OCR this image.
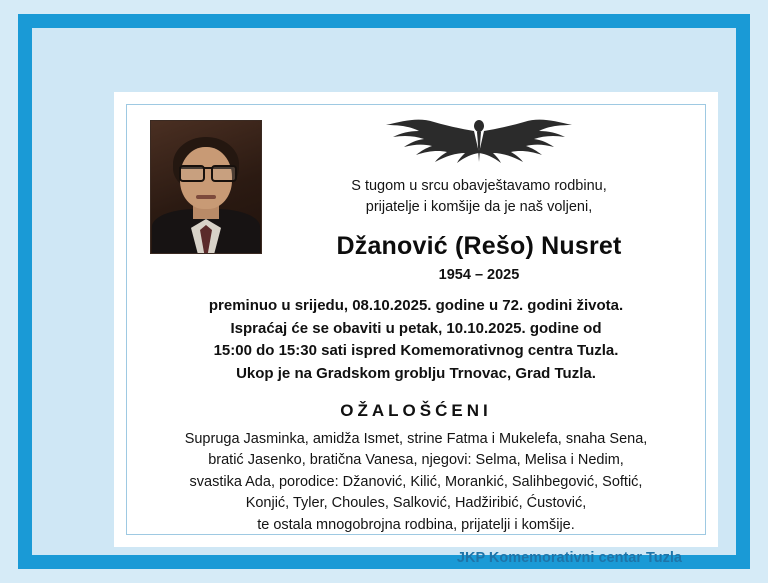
S tugom u srcu obavještavamo rodbinu,
prijatelje i komšije da je naš voljeni,
Džanović (Rešo) Nusret
1954 – 2025
preminuo u srijedu, 08.10.2025. godine u 72. godini života.
Ispraćaj će se obaviti u petak, 10.10.2025. godine od
15:00 do 15:30 sati ispred Komemorativnog centra Tuzla.
Ukop je na Gradskom groblju Trnovac, Grad Tuzla.
OŽALOŠĆENI
Supruga Jasminka, amidža Ismet, strine Fatma i Mukelefa, snaha Sena,
bratić Jasenko, bratična Vanesa, njegovi: Selma, Melisa i Nedim,
svastika Ada, porodice: Džanović, Kilić, Morankić, Salihbegović, Softić,
Konjić, Tyler, Choules, Salković, Hadžiribić, Ćustović,
te ostala mnogobrojna rodbina, prijatelji i komšije.
JKP Komemorativni centar Tuzla
